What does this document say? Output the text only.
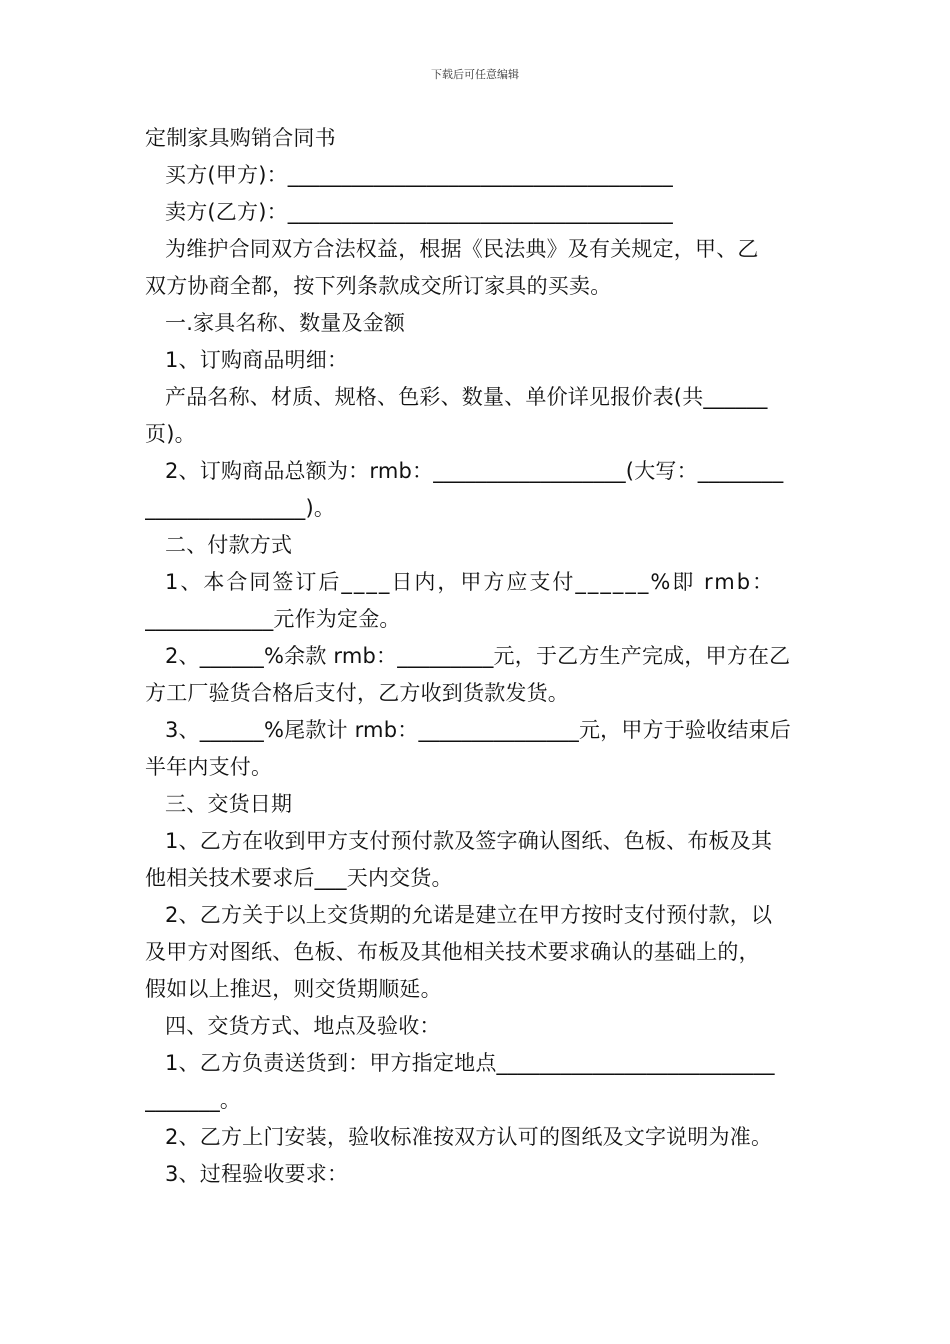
下载后可任意编辑
定制家具购销合同书
买方(甲方)：____________________________________
卖方(乙方)：____________________________________
为维护合同双方合法权益，根据《民法典》及有关规定，甲、乙
双方协商全都，按下列条款成交所订家具的买卖。
一.家具名称、数量及金额
1、订购商品明细：
产品名称、材质、规格、色彩、数量、单价详见报价表(共______
页)。
2、订购商品总额为：rmb：__________________(大写：________
_______________)。
二、付款方式
1、本合同签订后____日内，甲方应支付______%即 rmb：
____________元作为定金。
2、______%余款 rmb：_________元，于乙方生产完成，甲方在乙
方工厂验货合格后支付，乙方收到货款发货。
3、______%尾款计 rmb：_______________元，甲方于验收结束后
半年内支付。
三、交货日期
1、乙方在收到甲方支付预付款及签字确认图纸、色板、布板及其
他相关技术要求后___天内交货。
2、乙方关于以上交货期的允诺是建立在甲方按时支付预付款，以
及甲方对图纸、色板、布板及其他相关技术要求确认的基础上的，
假如以上推迟，则交货期顺延。
四、交货方式、地点及验收：
1、乙方负责送货到：甲方指定地点__________________________
_______。
2、乙方上门安装，验收标准按双方认可的图纸及文字说明为准。
3、过程验收要求：
